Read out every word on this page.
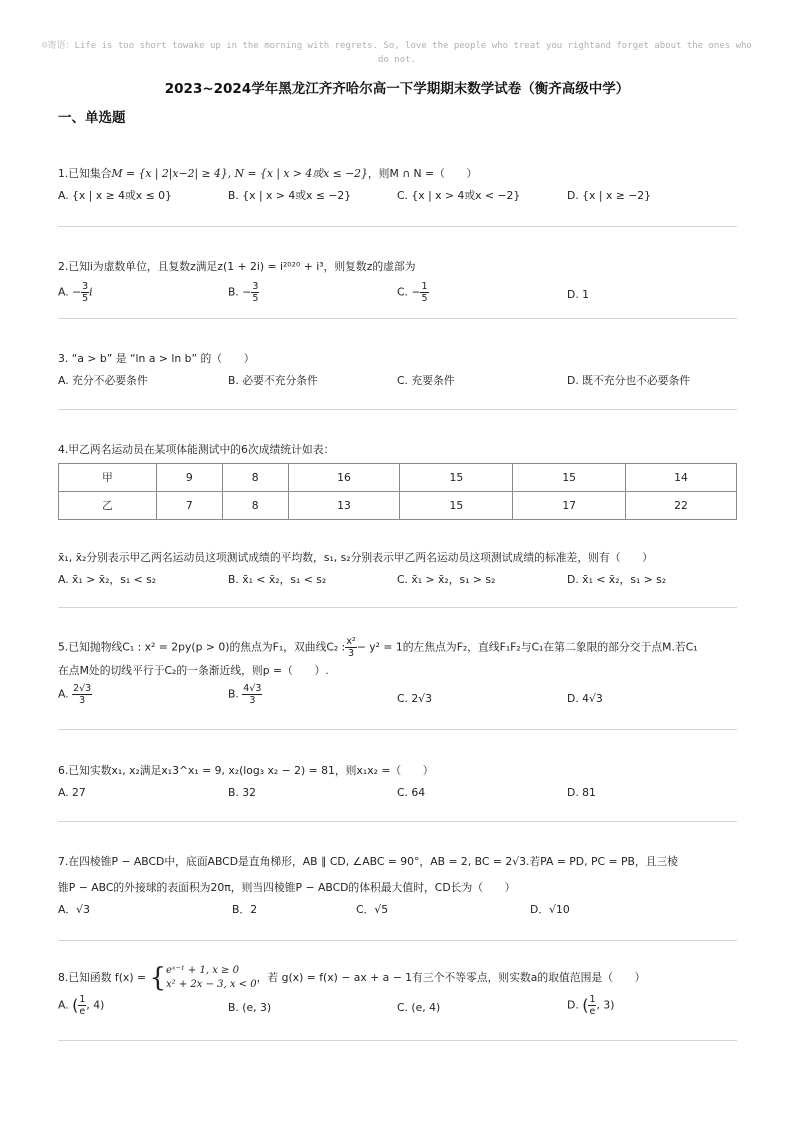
☺寄语：Life is too short towake up in the morning with regrets. So, love the people who treat you rightand forget about the ones who do not.
2023~2024学年黑龙江齐齐哈尔高一下学期期末数学试卷（衡齐高级中学）
一、单选题
1.已知集合M = {x | 2|x−2| ≥ 4}, N = {x | x > 4或x ≤ −2}，则M ∩ N =（　　）
A. {x | x ≥ 4或x ≤ 0}	B. {x | x > 4或x ≤ −2}	C. {x | x > 4或x < −2}	D. {x | x ≥ −2}
2.已知i为虚数单位，且复数z满足z(1 + 2i) = i²⁰²⁰ + i³，则复数z的虚部为
A. − $\frac{3}{5}$ i	B. − $\frac{3}{5}$	C. − $\frac{1}{5}$	D. 1
3. “a > b” 是 “ln a > ln b” 的（　　）
A. 充分不必要条件	B. 必要不充分条件	C. 充要条件	D. 既不充分也不必要条件
4.甲乙两名运动员在某项体能测试中的6次成绩统计如表：
甲	9	8	16	15	15	14
乙	7	8	13	15	17	22
x̄₁, x̄₂分别表示甲乙两名运动员这项测试成绩的平均数，s₁, s₂分别表示甲乙两名运动员这项测试成绩的标准差，则有（　　）
A. x̄₁ > x̄₂，s₁ < s₂	B. x̄₁ < x̄₂，s₁ < s₂	C. x̄₁ > x̄₂，s₁ > s₂	D. x̄₁ < x̄₂，s₁ > s₂
5.已知抛物线C₁ : x² = 2py(p > 0)的焦点为F₁，双曲线C₂ : $\frac{\text{x²}}{3} - y^2 = 1$的左焦点为F₂，直线F₁F₂与C₁在第二象限的部分交于点M.若C₁
在点M处的切线平行于C₂的一条渐近线，则p =（　　）.
A. $\frac{2√3}{3}$	B. $\frac{4√3}{3}$	C. 2√3	D. 4√3
6.已知实数x₁, x₂满足x₁3^x₁ = 9, x₂(log₃ x₂ − 2) = 81，则x₁x₂ =（　　）
A. 27	B. 32	C. 64	D. 81
7.在四棱锥P − ABCD中，底面ABCD是直角梯形，AB ∥ CD, ∠ABC = 90°，AB = 2, BC = 2√3.若PA = PD, PC = PB，且三棱
锥P − ABC的外接球的表面积为20π，则当四棱锥P − ABCD的体积最大值时，CD长为（　　）
A．√3	B．2	C．√5	D．√10
8.已知函数 f(x) = { eˣ⁻¹ + 1, x ≥ 0
x² + 2x − 3, x < 0
，若 g(x) = f(x) − ax + a − 1有三个不等零点，则实数a的取值范围是（　　）
A. ( $\frac{1}{e}$ , 4)	B. (e, 3)	C. (e, 4)	D. ( $\frac{1}{e}$ , 3)
